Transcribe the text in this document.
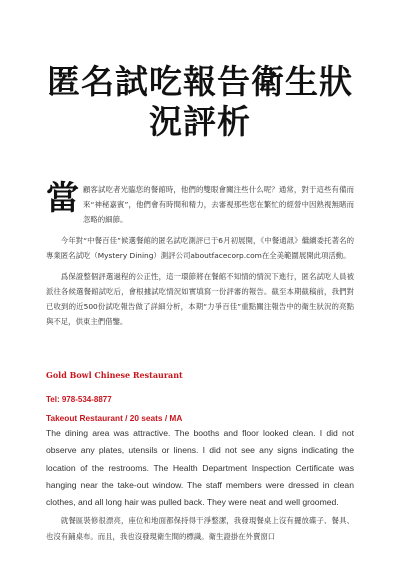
匿名試吃報告衛生狀況評析

當顧客試吃者光臨您的餐館時，他們的雙眼會關注些什么呢？通常，對于這些有備而來“神秘嘉賓”，他們會有時間和精力，去審視那些您在繁忙的經營中因熟視無睹而忽略的細節。

今年對“中餐百佳”候選餐館的匿名試吃測評已于6月初展開，《中餐通訊》繼續委托著名的專業匿名試吃（Mystery Dining）測評公司aboutfacecorp.com在全美範圍展開此項活動。

爲保證整個評選過程的公正性，這一環節將在餐館不知情的情況下進行，匿名試吃人員被派往各候選餐館試吃后，會根據試吃情況如實填寫一份評審的報告。截至本期截稿前，我們對已收到的近500份試吃報告做了詳細分析，本期“力爭百佳”重點關注報告中的衛生狀況的亮點與不足，供東主們借鑒。

Gold Bowl Chinese Restaurant

Tel: 978-534-8877

Takeout Restaurant / 20 seats / MA

The dining area was attractive. The booths and floor looked clean. I did not observe any plates, utensils or linens. I did not see any signs indicating the location of the restrooms. The Health Department Inspection Certificate was hanging near the take-out window. The staff members were dressed in clean clothes, and all long hair was pulled back. They were neat and well groomed.

就餐區裝修很漂亮，座位和地面都保持得干淨整潔，我發現餐桌上沒有擺放碟子、餐具、也沒有鋪桌布。而且，我也沒發現衛生間的標識。衛生證掛在外賣窗口
